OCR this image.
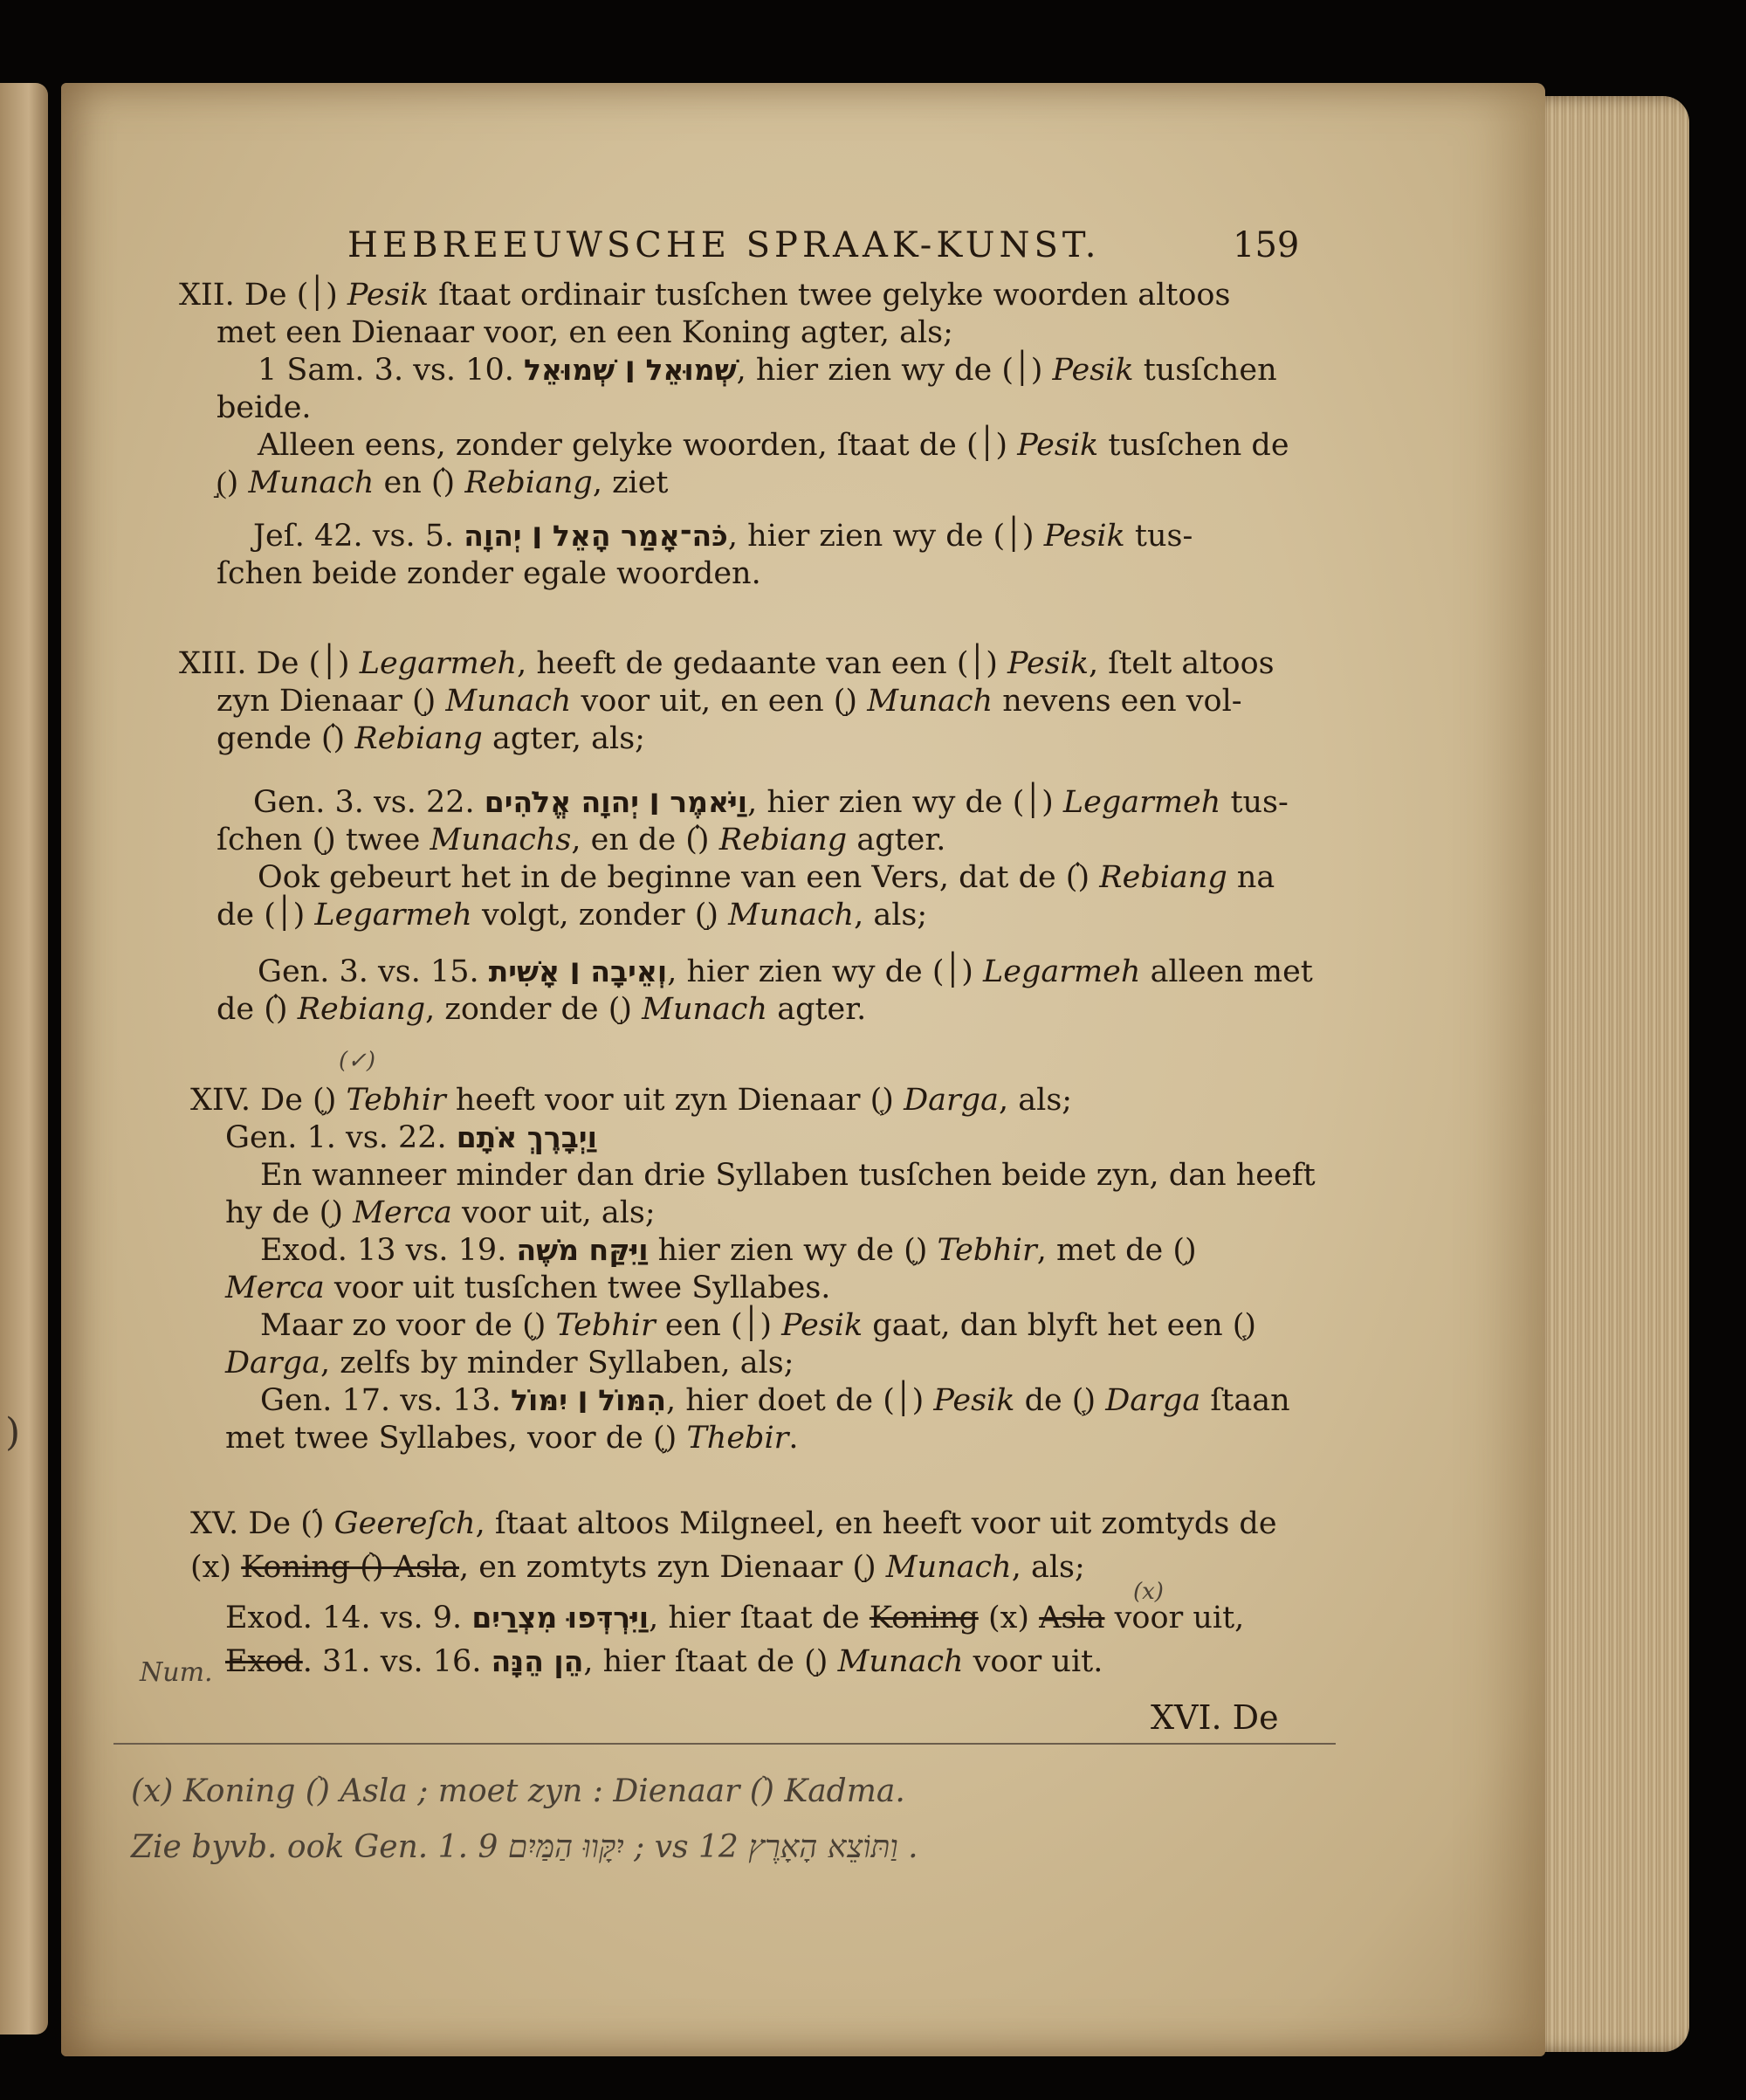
)
HEBREEUWSCHE SPRAAK-KUNST.	159
XII. De (׀) Pesik ſtaat ordinair tusſchen twee gelyke woorden altoos
met een Dienaar voor, en een Koning agter, als;
1 Sam. 3. vs. 10. שְׁמוּאֵל ׀ שְׁמוּאֵל, hier zien wy de (׀) Pesik tusſchen
beide.
Alleen eens, zonder gelyke woorden, ſtaat de (׀) Pesik tusſchen de
(֣) Munach en (֗) Rebiang, ziet
Jeſ. 42. vs. 5. כֹּה־אָמַר הָאֵל ׀ יְהוָה, hier zien wy de (׀) Pesik tus-
ſchen beide zonder egale woorden.
XIII. De (׀) Legarmeh, heeft de gedaante van een (׀) Pesik, ſtelt altoos
zyn Dienaar (֣) Munach voor uit, en een (֣) Munach nevens een vol-
gende (֗) Rebiang agter, als;
Gen. 3. vs. 22. וַיֹּאמֶר ׀ יְהוָה אֱלֹהִים, hier zien wy de (׀) Legarmeh tus-
ſchen (֣) twee Munachs, en de (֗) Rebiang agter.
Ook gebeurt het in de beginne van een Vers, dat de (֗) Rebiang na
de (׀) Legarmeh volgt, zonder (֣) Munach, als;
Gen. 3. vs. 15. וְאֵיבָה ׀ אָשִׁית, hier zien wy de (׀) Legarmeh alleen met
de (֗) Rebiang, zonder de (֣) Munach agter.
XIV. De (֛) Tebhir heeft voor uit zyn Dienaar (֧) Darga, als;
Gen. 1. vs. 22. וַיְבָרֶךְ אֹתָם
En wanneer minder dan drie Syllaben tusſchen beide zyn, dan heeft
hy de (֥) Merca voor uit, als;
Exod. 13 vs. 19. וַיִּקַּח מֹשֶׁה hier zien wy de (֛) Tebhir, met de (֥)
Merca voor uit tusſchen twee Syllabes.
Maar zo voor de (֛) Tebhir een (׀) Pesik gaat, dan blyft het een (֧)
Darga, zelfs by minder Syllaben, als;
Gen. 17. vs. 13. הִמּוֹל ׀ יִמּוֹל, hier doet de (׀) Pesik de (֧) Darga ſtaan
met twee Syllabes, voor de (֛) Thebir.
XV. De (֜) Geereſch, ſtaat altoos Milgneel, en heeft voor uit zomtyds de
(x) Koning (֨) Asla, en zomtyts zyn Dienaar (֣) Munach, als;
Exod. 14. vs. 9. וַיִּרְדְּפוּ מִצְרַיִם, hier ſtaat de Koning (x) Asla voor uit,
Exod. 31. vs. 16. הֵן הֵנָּה, hier ſtaat de (֣) Munach voor uit.
XVI. De
(✓)
(x)
Num.
(x) Koning (֨) Asla ; moet zyn : Dienaar (֨) Kadma.
Zie byvb. ook Gen. 1. 9 יִקָּווּ הַמַּיִם ; vs 12 וַתּוֹצֵא הָאָרֶץ .
